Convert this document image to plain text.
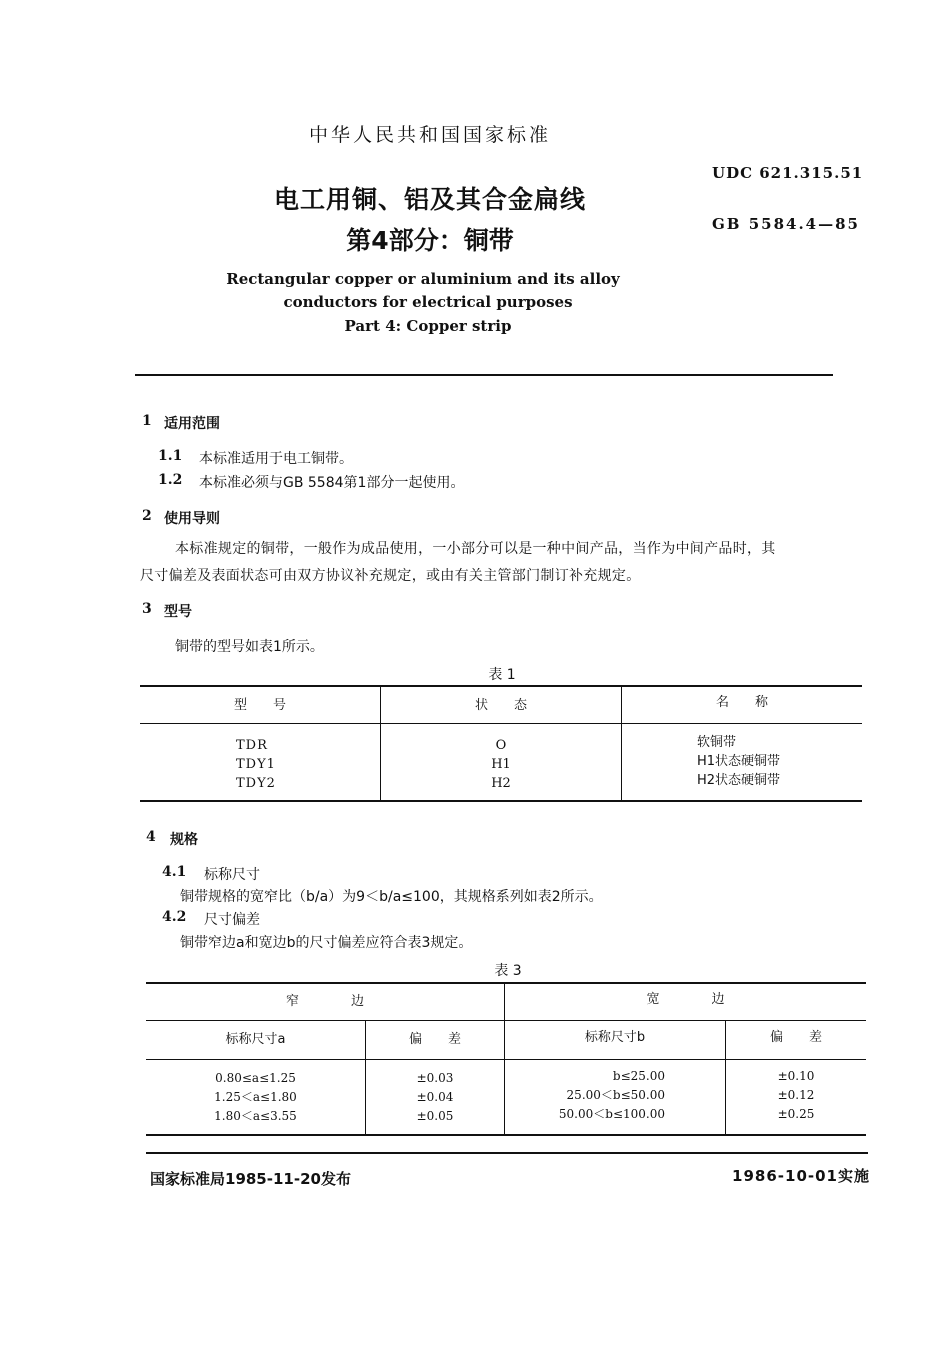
中华人民共和国国家标准
电工用铜、铝及其合金扁线
第4部分：铜带
UDC 621.315.51
GB 5584.4—85
Rectangular copper or aluminium and its alloy
conductors for electrical purposes
Part 4: Copper strip
1 适用范围
1.1 本标准适用于电工铜带。
1.2 本标准必须与GB 5584第1部分一起使用。
2 使用导则
本标准规定的铜带，一般作为成品使用，一小部分可以是一种中间产品，当作为中间产品时，其
尺寸偏差及表面状态可由双方协议补充规定，或由有关主管部门制订补充规定。
3 型号
铜带的型号如表1所示。
表 1
型　　号	状　　态	名　　称
TDR	O	软铜带
TDY1	H1	H1状态硬铜带
TDY2	H2	H2状态硬铜带
4 规格
4.1 标称尺寸
铜带规格的宽窄比（b/a）为9＜b/a≤100，其规格系列如表2所示。
4.2 尺寸偏差
铜带窄边a和宽边b的尺寸偏差应符合表3规定。
表 3
窄　　　　边	宽　　　　边
标称尺寸a	偏　　差	标称尺寸b	偏　　差
0.80≤a≤1.25	±0.03	b≤25.00	±0.10
1.25＜a≤1.80	±0.04	25.00＜b≤50.00	±0.12
1.80＜a≤3.55	±0.05	50.00＜b≤100.00	±0.25
国家标准局1985-11-20发布	1986-10-01实施
